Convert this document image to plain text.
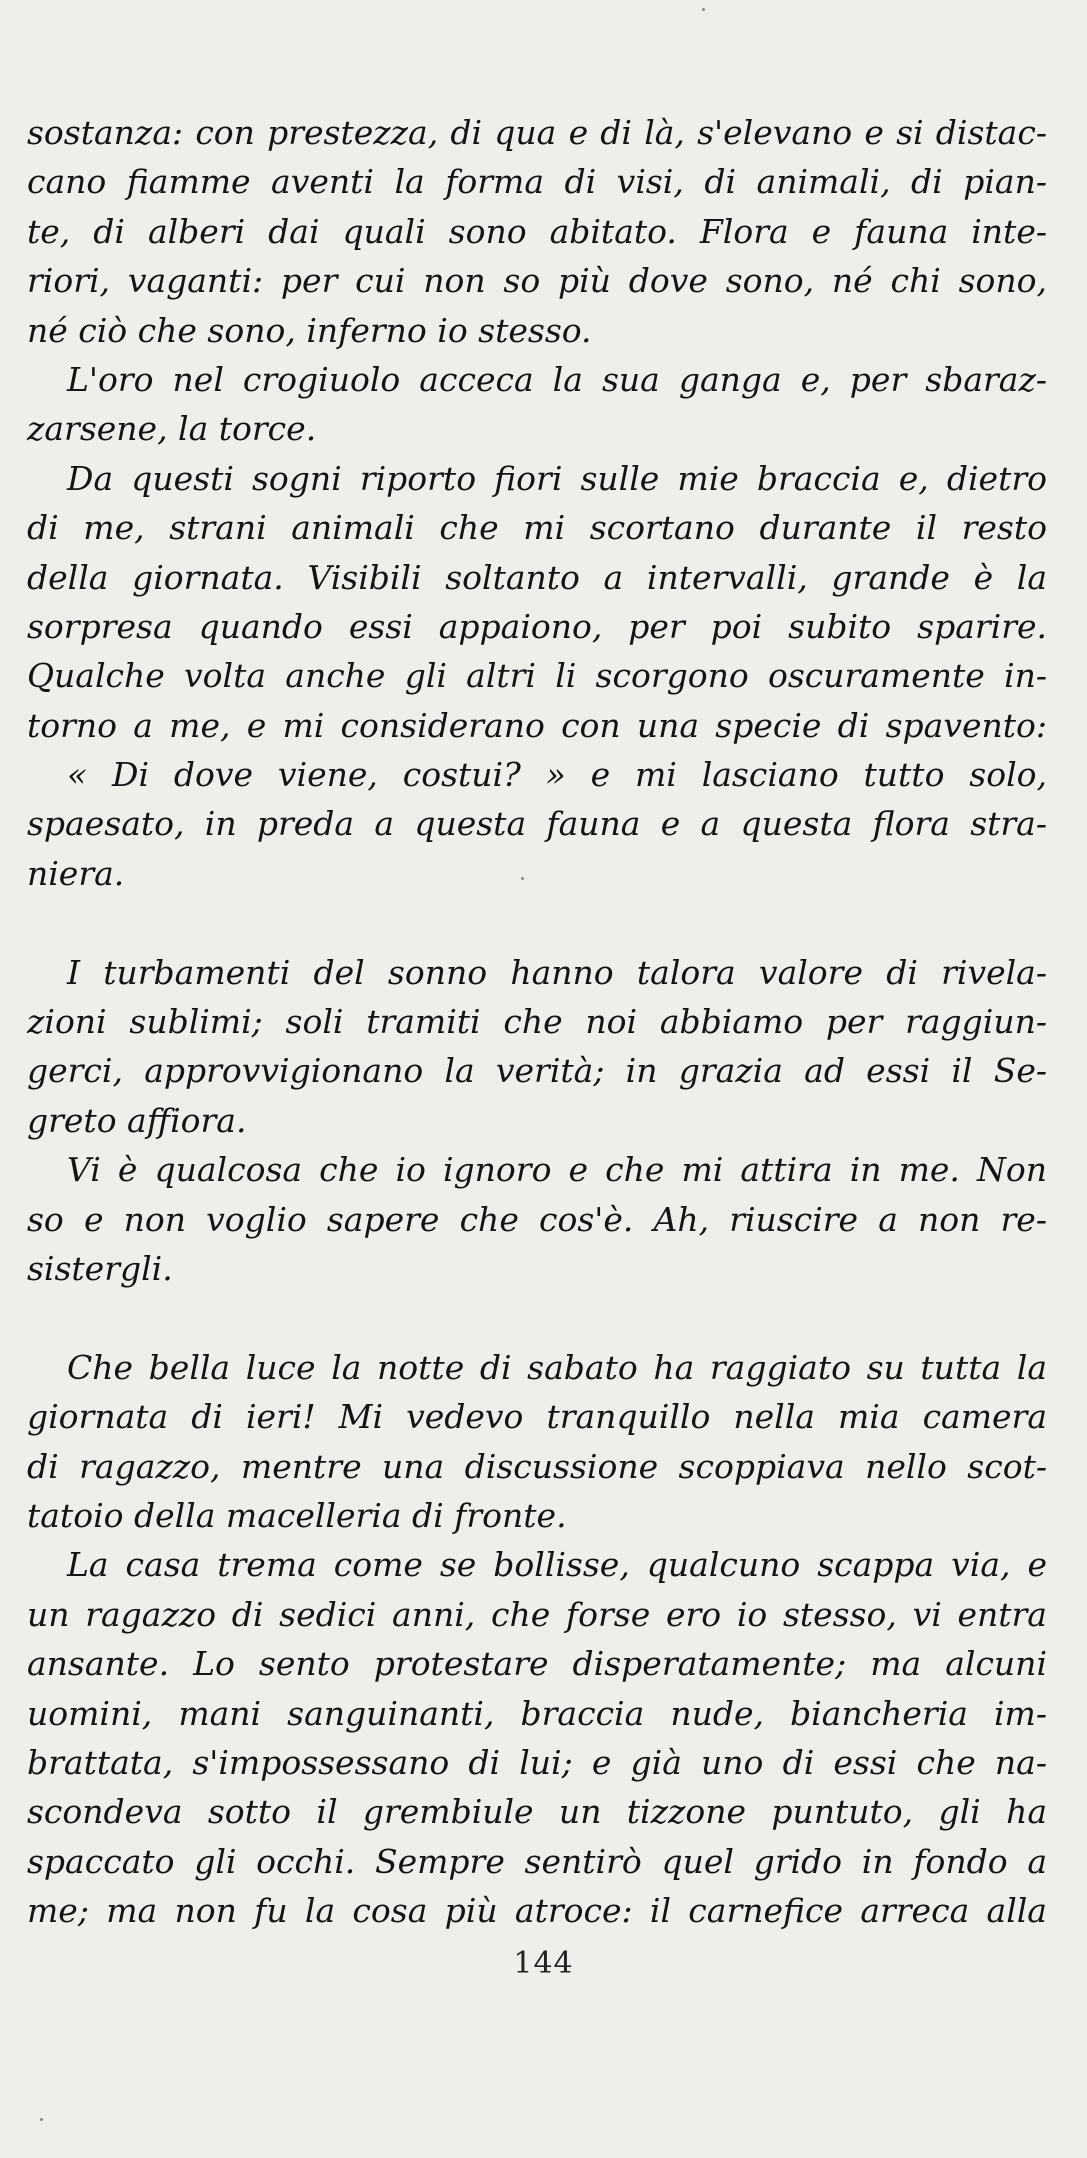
sostanza: con prestezza, di qua e di là, s'elevano e si distac-
cano fiamme aventi la forma di visi, di animali, di pian-
te, di alberi dai quali sono abitato. Flora e fauna inte-
riori, vaganti: per cui non so più dove sono, né chi sono,
né ciò che sono, inferno io stesso.
L'oro nel crogiuolo acceca la sua ganga e, per sbaraz-
zarsene, la torce.
Da questi sogni riporto fiori sulle mie braccia e, dietro
di me, strani animali che mi scortano durante il resto
della giornata. Visibili soltanto a intervalli, grande è la
sorpresa quando essi appaiono, per poi subito sparire.
Qualche volta anche gli altri li scorgono oscuramente in-
torno a me, e mi considerano con una specie di spavento:
« Di dove viene, costui? » e mi lasciano tutto solo,
spaesato, in preda a questa fauna e a questa flora stra-
niera.
I turbamenti del sonno hanno talora valore di rivela-
zioni sublimi; soli tramiti che noi abbiamo per raggiun-
gerci, approvvigionano la verità; in grazia ad essi il Se-
greto affiora.
Vi è qualcosa che io ignoro e che mi attira in me. Non
so e non voglio sapere che cos'è. Ah, riuscire a non re-
sistergli.
Che bella luce la notte di sabato ha raggiato su tutta la
giornata di ieri! Mi vedevo tranquillo nella mia camera
di ragazzo, mentre una discussione scoppiava nello scot-
tatoio della macelleria di fronte.
La casa trema come se bollisse, qualcuno scappa via, e
un ragazzo di sedici anni, che forse ero io stesso, vi entra
ansante. Lo sento protestare disperatamente; ma alcuni
uomini, mani sanguinanti, braccia nude, biancheria im-
brattata, s'impossessano di lui; e già uno di essi che na-
scondeva sotto il grembiule un tizzone puntuto, gli ha
spaccato gli occhi. Sempre sentirò quel grido in fondo a
me; ma non fu la cosa più atroce: il carnefice arreca alla
144
